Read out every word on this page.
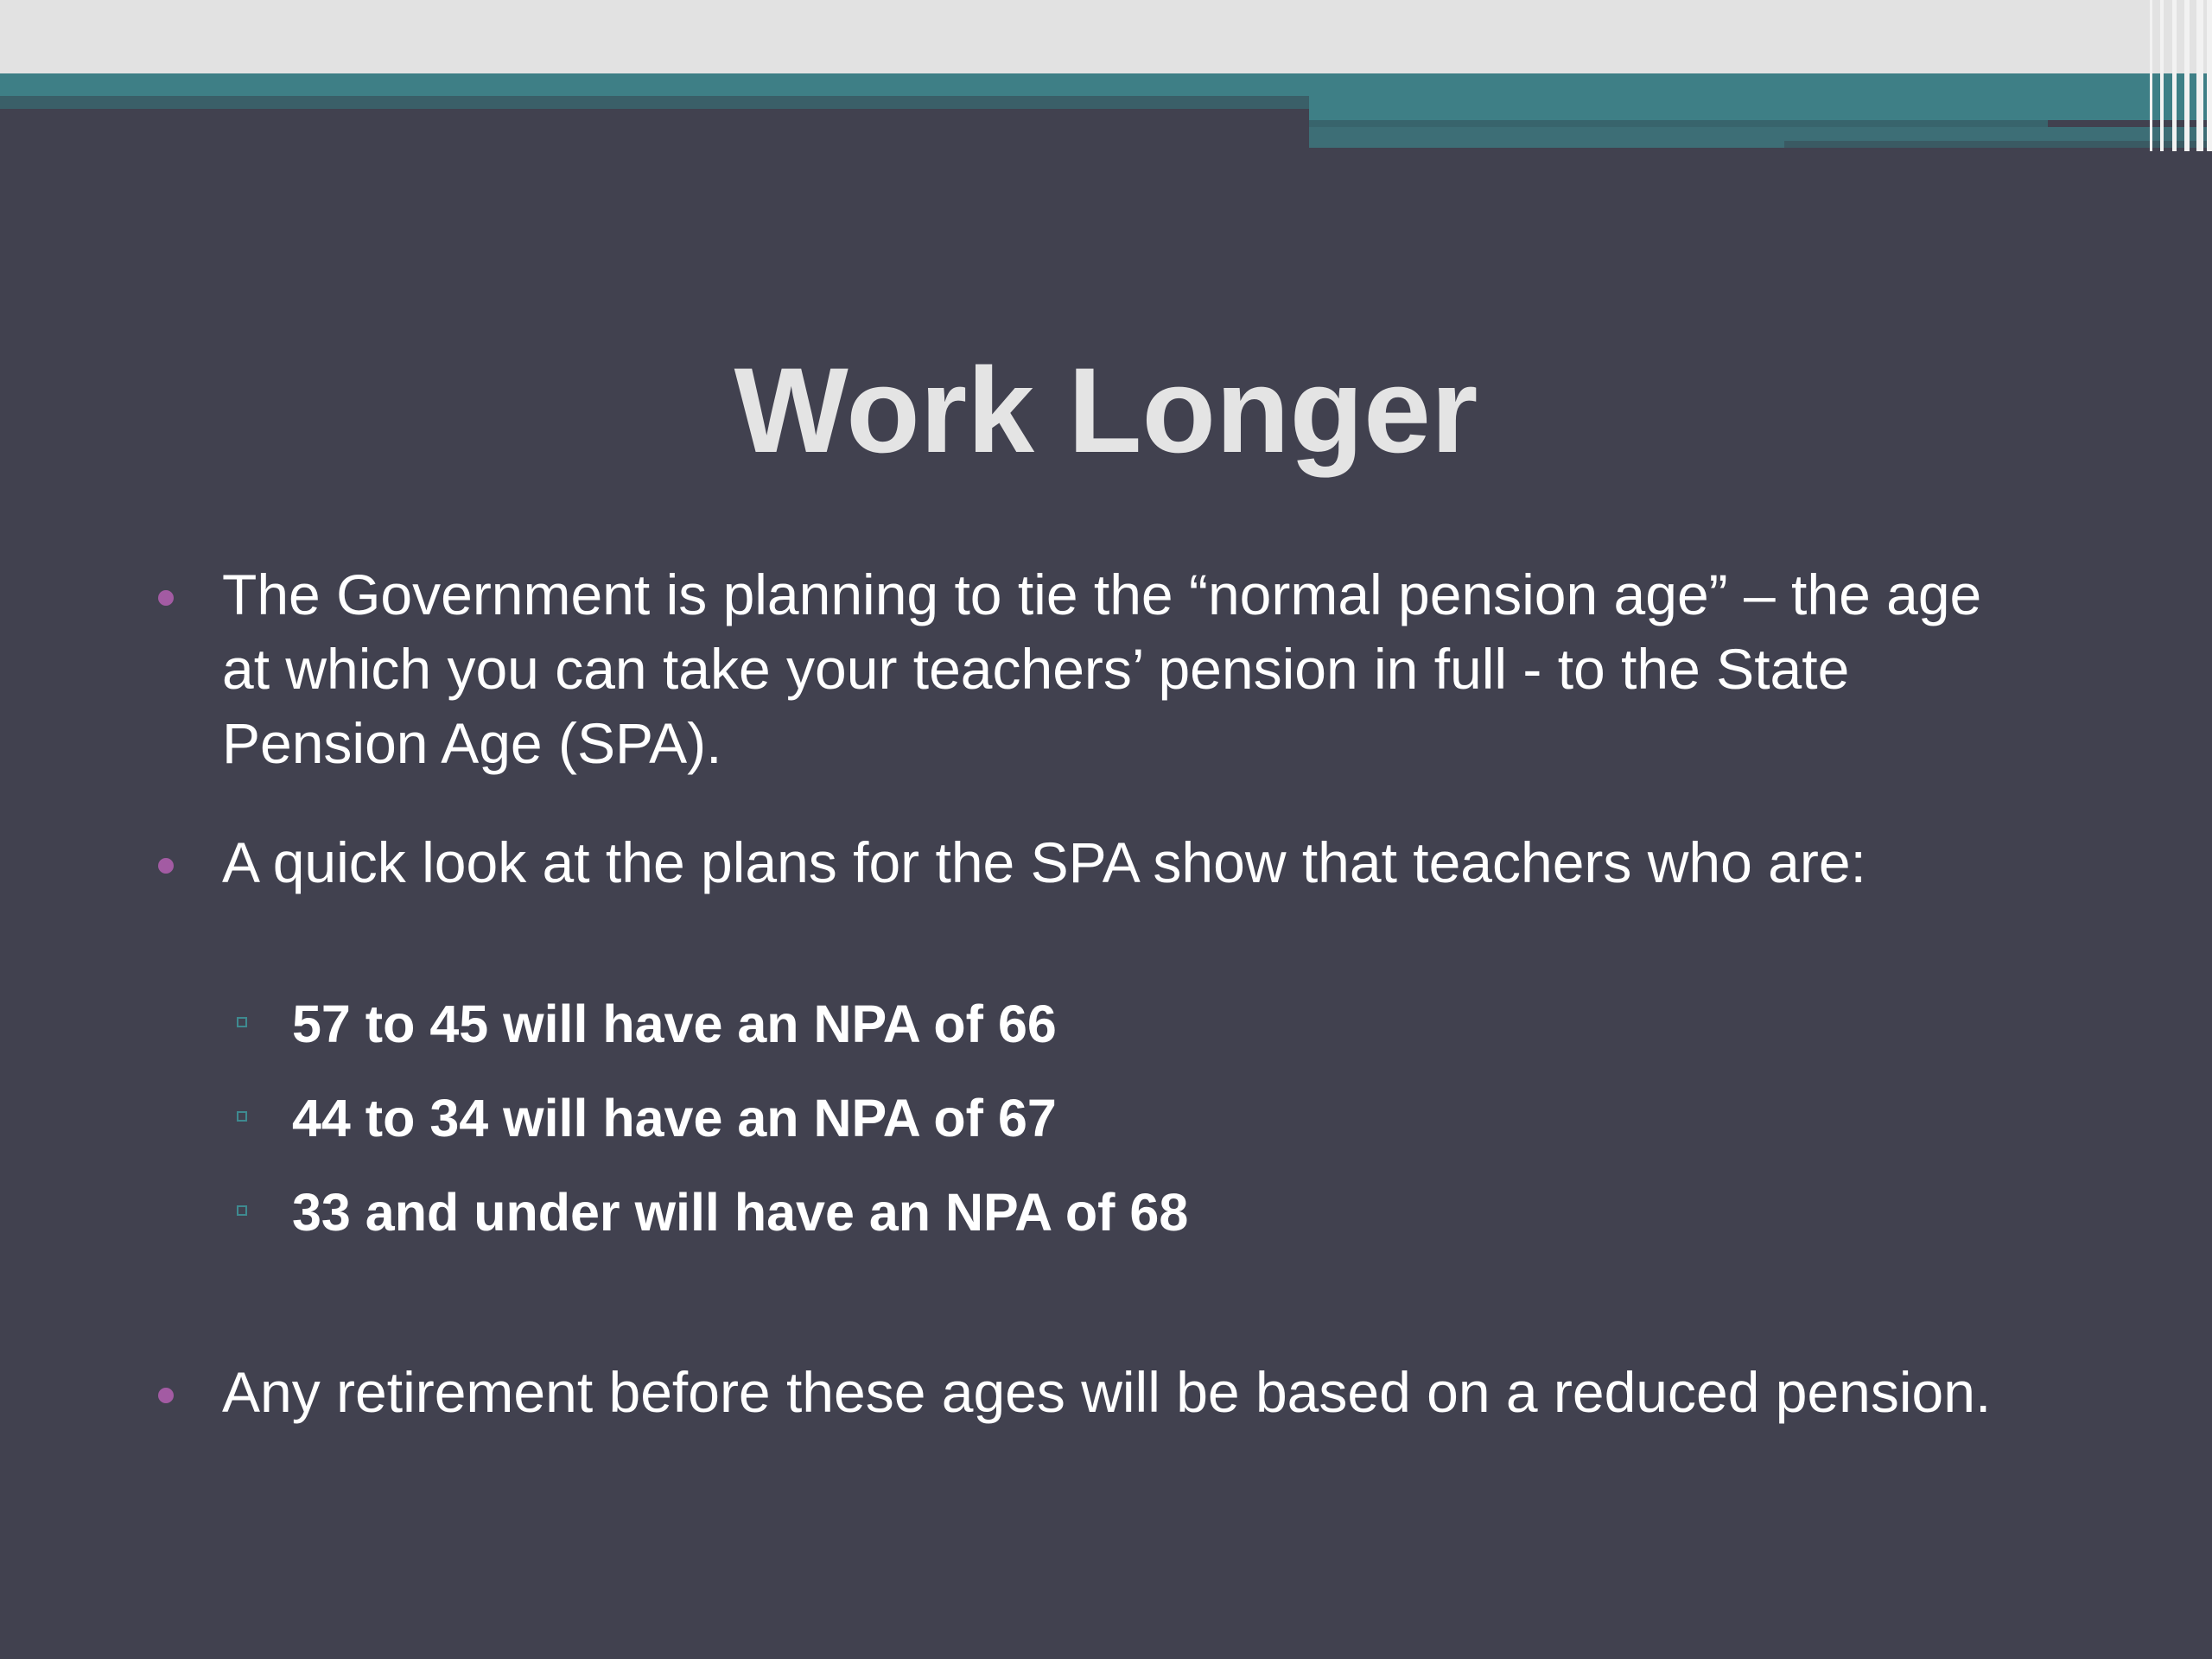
Work Longer
The Government is planning to tie the “normal pension age” – the age at which you can take your teachers’ pension in full - to the State Pension Age (SPA).
A quick look at the plans for the SPA show that teachers who are:
57 to 45 will have an NPA of 66
44 to 34 will have an NPA of 67
33 and under will have an NPA of 68
Any retirement before these ages will be based on a reduced pension.
